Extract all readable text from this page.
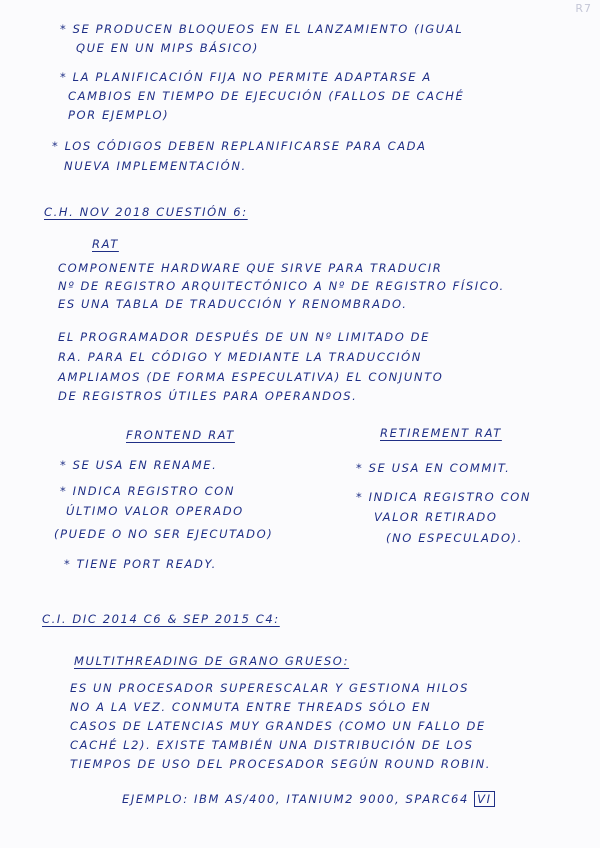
R7
* SE PRODUCEN BLOQUEOS EN EL LANZAMIENTO (IGUAL
QUE EN UN MIPS BÁSICO)
* LA PLANIFICACIÓN FIJA NO PERMITE ADAPTARSE A
CAMBIOS EN TIEMPO DE EJECUCIÓN (FALLOS DE CACHÉ
POR EJEMPLO)
* LOS CÓDIGOS DEBEN REPLANIFICARSE PARA CADA
NUEVA IMPLEMENTACIÓN.
C.H. NOV 2018 CUESTIÓN 6:
RAT
COMPONENTE HARDWARE QUE SIRVE PARA TRADUCIR
Nº DE REGISTRO ARQUITECTÓNICO A Nº DE REGISTRO FÍSICO.
ES UNA TABLA DE TRADUCCIÓN Y RENOMBRADO.
EL PROGRAMADOR DESPUÉS DE UN Nº LIMITADO DE
RA. PARA EL CÓDIGO Y MEDIANTE LA TRADUCCIÓN
AMPLIAMOS (DE FORMA ESPECULATIVA) EL CONJUNTO
DE REGISTROS ÚTILES PARA OPERANDOS.
FRONTEND RAT
* SE USA EN RENAME.
* INDICA REGISTRO CON
ÚLTIMO VALOR OPERADO
(PUEDE O NO SER EJECUTADO)
* TIENE PORT READY.
RETIREMENT RAT
* SE USA EN COMMIT.
* INDICA REGISTRO CON
VALOR RETIRADO
(NO ESPECULADO).
C.I. DIC 2014 C6 & SEP 2015 C4:
MULTITHREADING DE GRANO GRUESO:
ES UN PROCESADOR SUPERESCALAR Y GESTIONA HILOS
NO A LA VEZ. CONMUTA ENTRE THREADS SÓLO EN
CASOS DE LATENCIAS MUY GRANDES (COMO UN FALLO DE
CACHÉ L2). EXISTE TAMBIÉN UNA DISTRIBUCIÓN DE LOS
TIEMPOS DE USO DEL PROCESADOR SEGÚN ROUND ROBIN.
EJEMPLO: IBM AS/400, ITANIUM2 9000, SPARC64 VI
